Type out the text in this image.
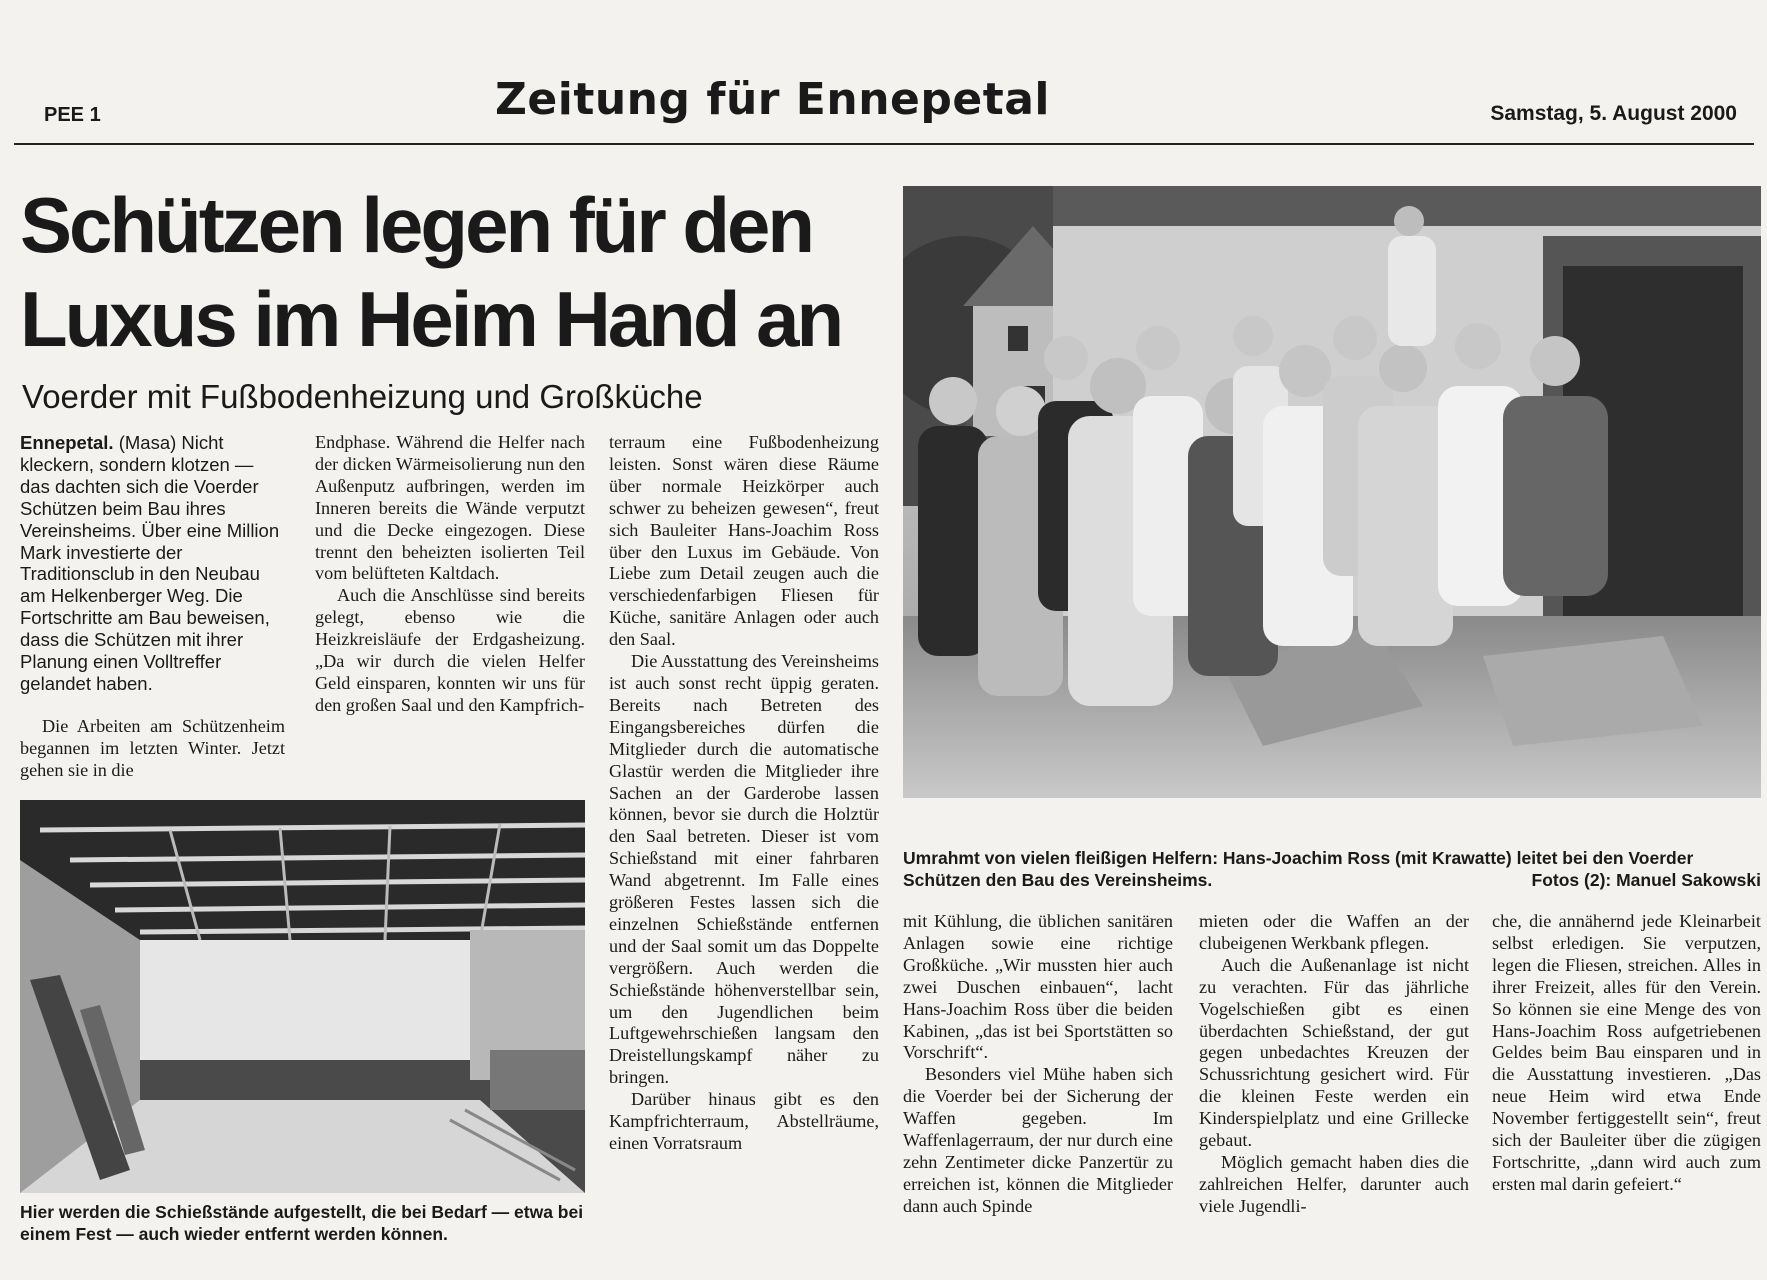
PEE 1	Zeitung für Ennepetal	Samstag, 5. August 2000
Schützen legen für den
Luxus im Heim Hand an
Voerder mit Fußbodenheizung und Großküche

Ennepetal. (Masa) Nicht kleckern, sondern klotzen — das dachten sich die Voerder Schützen beim Bau ihres Vereinsheims. Über eine Million Mark investierte der Traditionsclub in den Neubau am Helkenberger Weg. Die Fortschritte am Bau beweisen, dass die Schützen mit ihrer Planung einen Volltreffer gelandet haben.

Die Arbeiten am Schützenheim begannen im letzten Winter. Jetzt gehen sie in die

Endphase. Während die Helfer nach der dicken Wärmeisolierung nun den Außenputz aufbringen, werden im Inneren bereits die Wände verputzt und die Decke eingezogen. Diese trennt den beheizten isolierten Teil vom belüfteten Kaltdach.

Auch die Anschlüsse sind bereits gelegt, ebenso wie die Heizkreisläufe der Erdgasheizung. „Da wir durch die vielen Helfer Geld einsparen, konnten wir uns für den großen Saal und den Kampfrich-

terraum eine Fußbodenheizung leisten. Sonst wären diese Räume über normale Heizkörper auch schwer zu beheizen gewesen“, freut sich Bauleiter Hans-Joachim Ross über den Luxus im Gebäude. Von Liebe zum Detail zeugen auch die verschiedenfarbigen Fliesen für Küche, sanitäre Anlagen oder auch den Saal.

Die Ausstattung des Vereinsheims ist auch sonst recht üppig geraten. Bereits nach Betreten des Eingangsbereiches dürfen die Mitglieder durch die automatische Glastür werden die Mitglieder ihre Sachen an der Garderobe lassen können, bevor sie durch die Holztür den Saal betreten. Dieser ist vom Schießstand mit einer fahrbaren Wand abgetrennt. Im Falle eines größeren Festes lassen sich die einzelnen Schießstände entfernen und der Saal somit um das Doppelte vergrößern. Auch werden die Schießstände höhenverstellbar sein, um den Jugendlichen beim Luftgewehrschießen langsam den Dreistellungskampf näher zu bringen.

Darüber hinaus gibt es den Kampfrichterraum, Abstellräume, einen Vorratsraum

Umrahmt von vielen fleißigen Helfern: Hans-Joachim Ross (mit Krawatte) leitet bei den Voerder Schützen den Bau des Vereinsheims.	Fotos (2): Manuel Sakowski
Hier werden die Schießstände aufgestellt, die bei Bedarf — etwa bei einem Fest — auch wieder entfernt werden können.

mit Kühlung, die üblichen sanitären Anlagen sowie eine richtige Großküche. „Wir mussten hier auch zwei Duschen einbauen“, lacht Hans-Joachim Ross über die beiden Kabinen, „das ist bei Sportstätten so Vorschrift“.

Besonders viel Mühe haben sich die Voerder bei der Sicherung der Waffen gegeben. Im Waffenlagerraum, der nur durch eine zehn Zentimeter dicke Panzertür zu erreichen ist, können die Mitglieder dann auch Spinde

mieten oder die Waffen an der clubeigenen Werkbank pflegen.

Auch die Außenanlage ist nicht zu verachten. Für das jährliche Vogelschießen gibt es einen überdachten Schießstand, der gut gegen unbedachtes Kreuzen der Schussrichtung gesichert wird. Für die kleinen Feste werden ein Kinderspielplatz und eine Grillecke gebaut.

Möglich gemacht haben dies die zahlreichen Helfer, darunter auch viele Jugendli-

che, die annähernd jede Kleinarbeit selbst erledigen. Sie verputzen, legen die Fliesen, streichen. Alles in ihrer Freizeit, alles für den Verein. So können sie eine Menge des von Hans-Joachim Ross aufgetriebenen Geldes beim Bau einsparen und in die Ausstattung investieren. „Das neue Heim wird etwa Ende November fertiggestellt sein“, freut sich der Bauleiter über die zügigen Fortschritte, „dann wird auch zum ersten mal darin gefeiert.“
